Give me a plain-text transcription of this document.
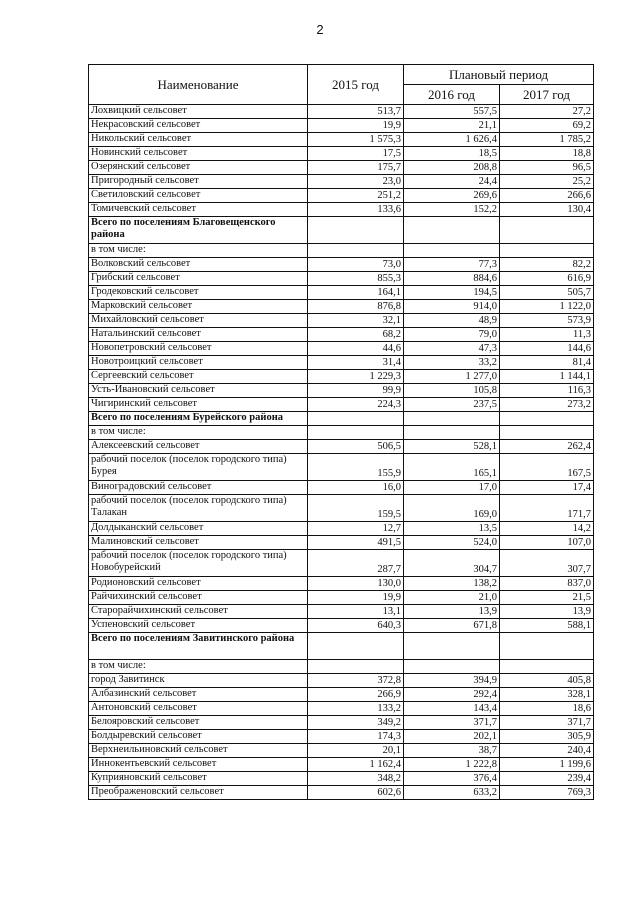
2
Наименование	2015 год	Плановый период	
		2016 год	2017 год
Лохвицкий сельсовет	513,7	557,5	27,2
Некрасовский сельсовет	19,9	21,1	69,2
Никольский сельсовет	1 575,3	1 626,4	1 785,2
Новинский сельсовет	17,5	18,5	18,8
Озерянский сельсовет	175,7	208,8	96,5
Пригородный сельсовет	23,0	24,4	25,2
Светиловский сельсовет	251,2	269,6	266,6
Томичевский сельсовет	133,6	152,2	130,4
Всего по поселениям Благовещенского района			
в том числе:			
Волковский сельсовет	73,0	77,3	82,2
Грибский сельсовет	855,3	884,6	616,9
Гродековский сельсовет	164,1	194,5	505,7
Марковский сельсовет	876,8	914,0	1 122,0
Михайловский сельсовет	32,1	48,9	573,9
Натальинский сельсовет	68,2	79,0	11,3
Новопетровский сельсовет	44,6	47,3	144,6
Новотроицкий сельсовет	31,4	33,2	81,4
Сергеевский сельсовет	1 229,3	1 277,0	1 144,1
Усть-Ивановский сельсовет	99,9	105,8	116,3
Чигиринский сельсовет	224,3	237,5	273,2
Всего по поселениям Бурейского района			
в том числе:			
Алексеевский сельсовет	506,5	528,1	262,4
рабочий поселок (поселок городского типа) Бурея	155,9	165,1	167,5
Виноградовский сельсовет	16,0	17,0	17,4
рабочий поселок (поселок городского типа) Талакан	159,5	169,0	171,7
Долдыканский сельсовет	12,7	13,5	14,2
Малиновский сельсовет	491,5	524,0	107,0
рабочий поселок (поселок городского типа) Новобурейский	287,7	304,7	307,7
Родионовский сельсовет	130,0	138,2	837,0
Райчихинский сельсовет	19,9	21,0	21,5
Старорайчихинский сельсовет	13,1	13,9	13,9
Успеновский сельсовет	640,3	671,8	588,1
Всего по поселениям Завитинского района			
в том числе:			
город Завитинск	372,8	394,9	405,8
Албазинский сельсовет	266,9	292,4	328,1
Антоновский сельсовет	133,2	143,4	18,6
Белояровский сельсовет	349,2	371,7	371,7
Болдыревский сельсовет	174,3	202,1	305,9
Верхнеильиновский сельсовет	20,1	38,7	240,4
Иннокентьевский сельсовет	1 162,4	1 222,8	1 199,6
Куприяновский сельсовет	348,2	376,4	239,4
Преображеновский сельсовет	602,6	633,2	769,3
